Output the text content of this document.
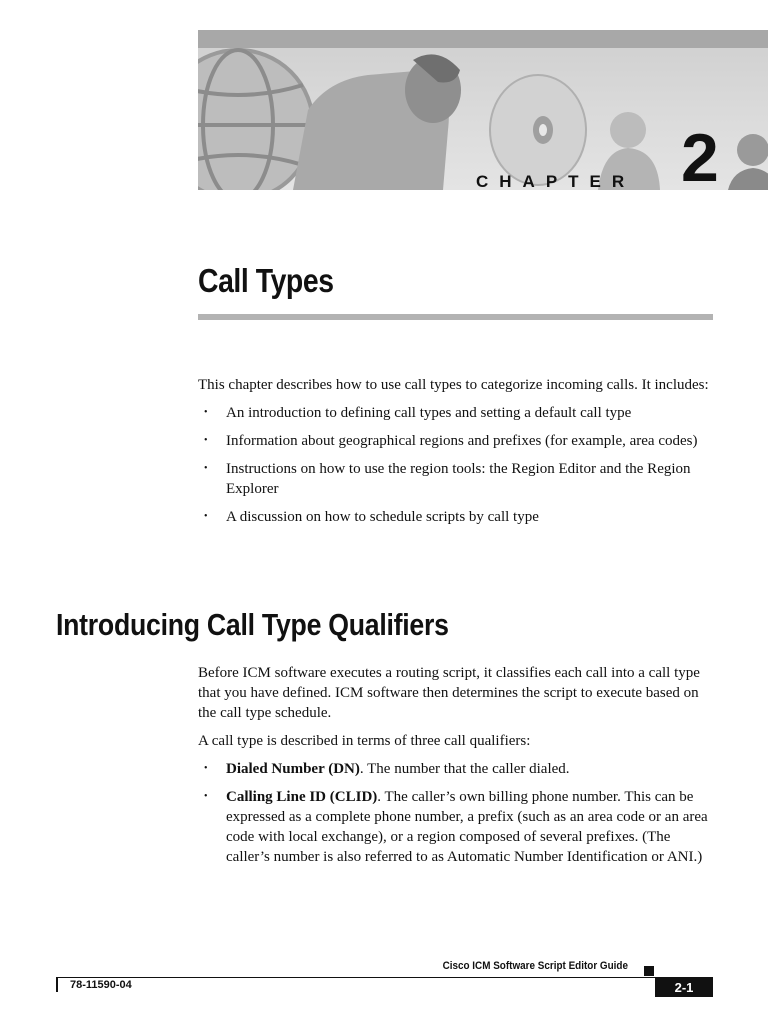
CHAPTER 2
Call Types

This chapter describes how to use call types to categorize incoming calls. It includes:

• An introduction to defining call types and setting a default call type
• Information about geographical regions and prefixes (for example, area codes)
• Instructions on how to use the region tools: the Region Editor and the Region Explorer
• A discussion on how to schedule scripts by call type
Introducing Call Type Qualifiers

Before ICM software executes a routing script, it classifies each call into a call type that you have defined. ICM software then determines the script to execute based on the call type schedule.

A call type is described in terms of three call qualifiers:

• Dialed Number (DN). The number that the caller dialed.
• Calling Line ID (CLID). The caller’s own billing phone number. This can be expressed as a complete phone number, a prefix (such as an area code or an area code with local exchange), or a region composed of several prefixes. (The caller’s number is also referred to as Automatic Number Identification or ANI.)
Cisco ICM Software Script Editor Guide
78-11590-04	2-1
